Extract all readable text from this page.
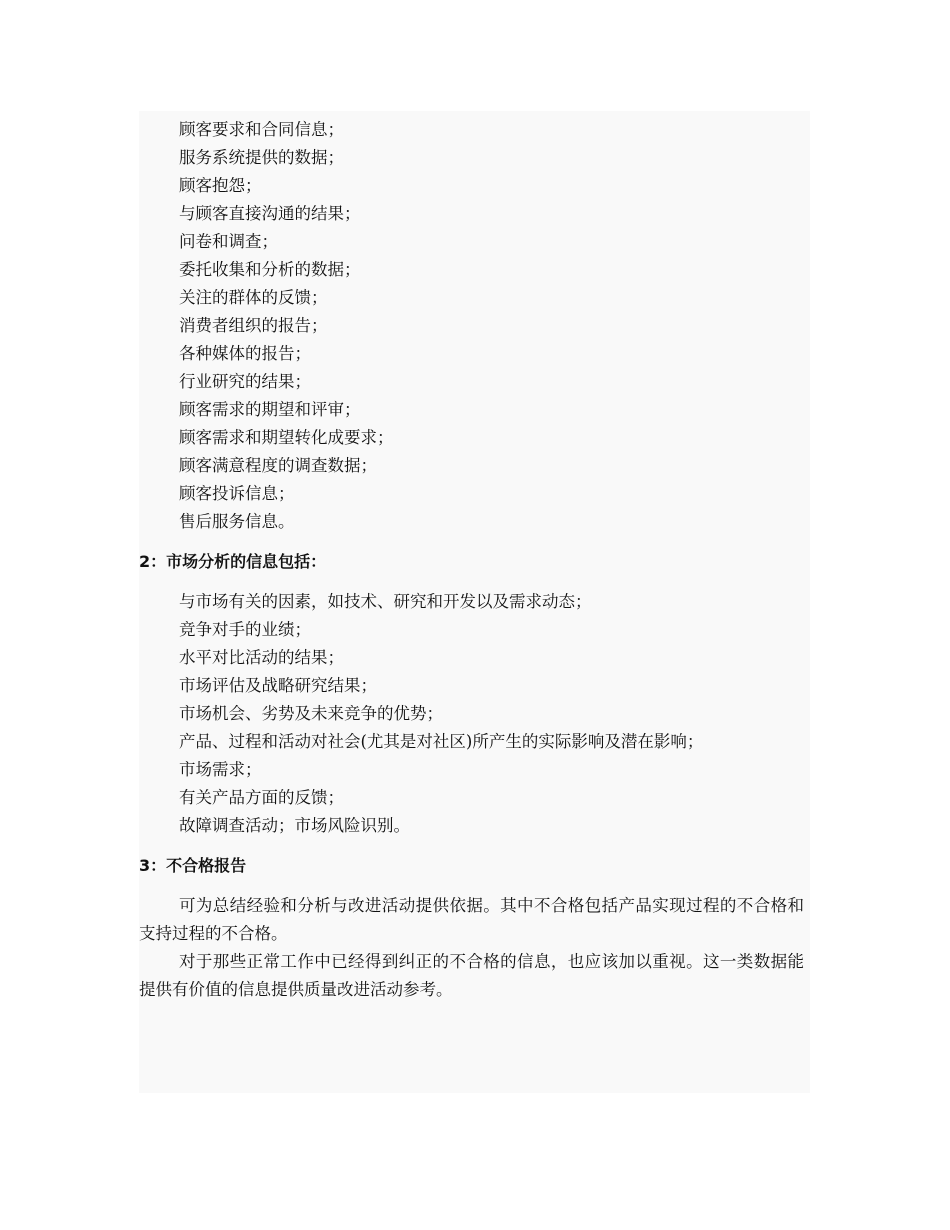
顾客要求和合同信息；
服务系统提供的数据；
顾客抱怨；
与顾客直接沟通的结果；
问卷和调查；
委托收集和分析的数据；
关注的群体的反馈；
消费者组织的报告；
各种媒体的报告；
行业研究的结果；
顾客需求的期望和评审；
顾客需求和期望转化成要求；
顾客满意程度的调查数据；
顾客投诉信息；
售后服务信息。
2：市场分析的信息包括：
与市场有关的因素，如技术、研究和开发以及需求动态；
竞争对手的业绩；
水平对比活动的结果；
市场评估及战略研究结果；
市场机会、劣势及未来竞争的优势；
产品、过程和活动对社会(尤其是对社区)所产生的实际影响及潜在影响；
市场需求；
有关产品方面的反馈；
故障调查活动；市场风险识别。
3：不合格报告

可为总结经验和分析与改进活动提供依据。其中不合格包括产品实现过程的不合格和支持过程的不合格。

对于那些正常工作中已经得到纠正的不合格的信息，也应该加以重视。这一类数据能提供有价值的信息提供质量改进活动参考。
